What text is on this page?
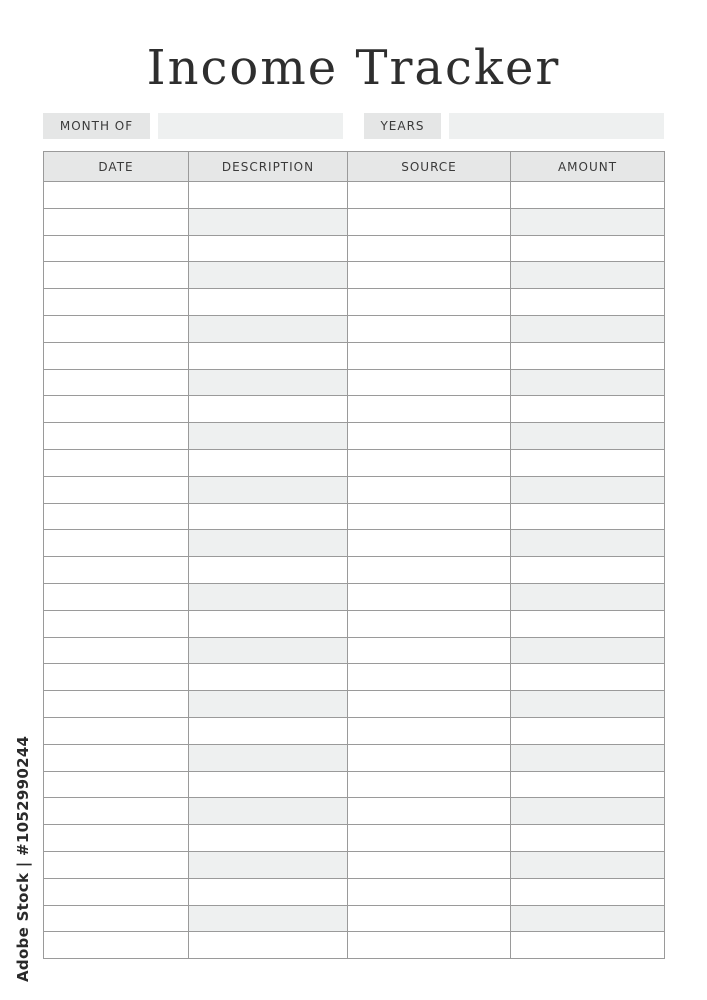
Income Tracker
MONTH OF	YEARS
DATE	DESCRIPTION	SOURCE	AMOUNT

Adobe Stock | #1052990244
